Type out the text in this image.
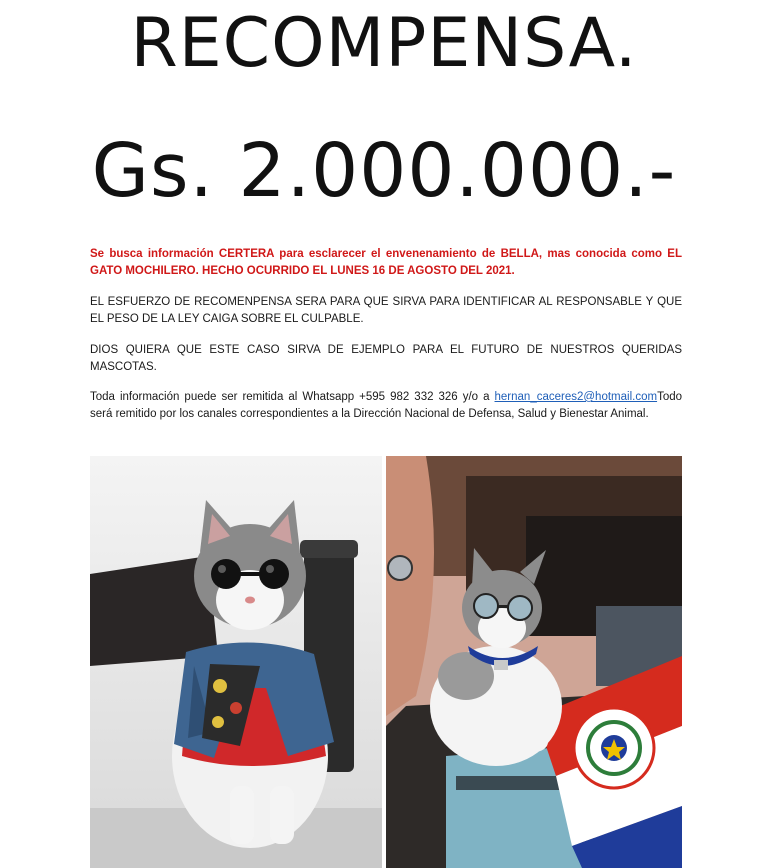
RECOMPENSA.
Gs. 2.000.000.-

Se busca información CERTERA para esclarecer el envenenamiento de BELLA, mas conocida como EL GATO MOCHILERO. HECHO OCURRIDO EL LUNES 16 DE AGOSTO DEL 2021.

EL ESFUERZO DE RECOMENPENSA SERA PARA QUE SIRVA PARA IDENTIFICAR AL RESPONSABLE Y QUE EL PESO DE LA LEY CAIGA SOBRE EL CULPABLE.

DIOS QUIERA QUE ESTE CASO SIRVA DE EJEMPLO PARA EL FUTURO DE NUESTROS QUERIDAS MASCOTAS.

Toda información puede ser remitida al Whatsapp +595 982 332 326 y/o a hernan_caceres2@hotmail.comTodo será remitido por los canales correspondientes a la Dirección Nacional de Defensa, Salud y Bienestar Animal.
